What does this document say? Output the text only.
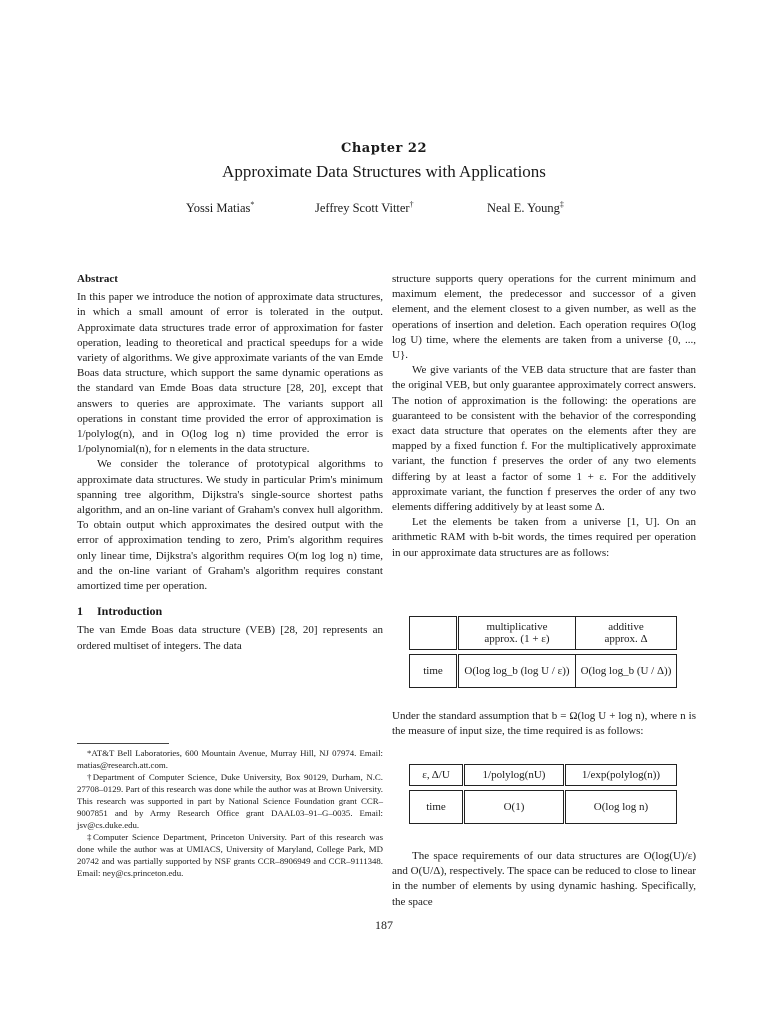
Chapter 22
Approximate Data Structures with Applications
Yossi Matias*	Jeffrey Scott Vitter†	Neal E. Young‡
Abstract

In this paper we introduce the notion of approximate data structures, in which a small amount of error is tolerated in the output. Approximate data structures trade error of approximation for faster operation, leading to theoretical and practical speedups for a wide variety of algorithms. We give approximate variants of the van Emde Boas data structure, which support the same dynamic operations as the standard van Emde Boas data structure [28, 20], except that answers to queries are approximate. The variants support all operations in constant time provided the error of approximation is 1/polylog(n), and in O(log log n) time provided the error is 1/polynomial(n), for n elements in the data structure.

We consider the tolerance of prototypical algorithms to approximate data structures. We study in particular Prim's minimum spanning tree algorithm, Dijkstra's single-source shortest paths algorithm, and an on-line variant of Graham's convex hull algorithm. To obtain output which approximates the desired output with the error of approximation tending to zero, Prim's algorithm requires only linear time, Dijkstra's algorithm requires O(m log log n) time, and the on-line variant of Graham's algorithm requires constant amortized time per operation.

1 Introduction

The van Emde Boas data structure (VEB) [28, 20] represents an ordered multiset of integers. The data

*AT&T Bell Laboratories, 600 Mountain Avenue, Murray Hill, NJ 07974. Email: matias@research.att.com.

†Department of Computer Science, Duke University, Box 90129, Durham, N.C. 27708–0129. Part of this research was done while the author was at Brown University. This research was supported in part by National Science Foundation grant CCR–9007851 and by Army Research Office grant DAAL03–91–G–0035. Email: jsv@cs.duke.edu.

‡Computer Science Department, Princeton University. Part of this research was done while the author was at UMIACS, University of Maryland, College Park, MD 20742 and was partially supported by NSF grants CCR–8906949 and CCR–9111348. Email: ney@cs.princeton.edu.

structure supports query operations for the current minimum and maximum element, the predecessor and successor of a given element, and the element closest to a given number, as well as the operations of insertion and deletion. Each operation requires O(log log U) time, where the elements are taken from a universe {0, ..., U}.

We give variants of the VEB data structure that are faster than the original VEB, but only guarantee approximately correct answers. The notion of approximation is the following: the operations are guaranteed to be consistent with the behavior of the corresponding exact data structure that operates on the elements after they are mapped by a fixed function f. For the multiplicatively approximate variant, the function f preserves the order of any two elements differing by at least a factor of some 1 + ε. For the additively approximate variant, the function f preserves the order of any two elements differing additively by at least some Δ.

Let the elements be taken from a universe [1, U]. On an arithmetic RAM with b-bit words, the times required per operation in our approximate data structures are as follows:

	multiplicative
approx. (1 + ε)	additive
approx. Δ

time	O(log log_b (log U / ε))	O(log log_b (U / Δ))
Under the standard assumption that b = Ω(log U + log n), where n is the measure of input size, the time required is as follows:
ε, Δ/U	1/polylog(nU)	1/exp(polylog(n))

time	O(1)	O(log log n)
The space requirements of our data structures are O(log(U)/ε) and O(U/Δ), respectively. The space can be reduced to close to linear in the number of elements by using dynamic hashing. Specifically, the space
187
